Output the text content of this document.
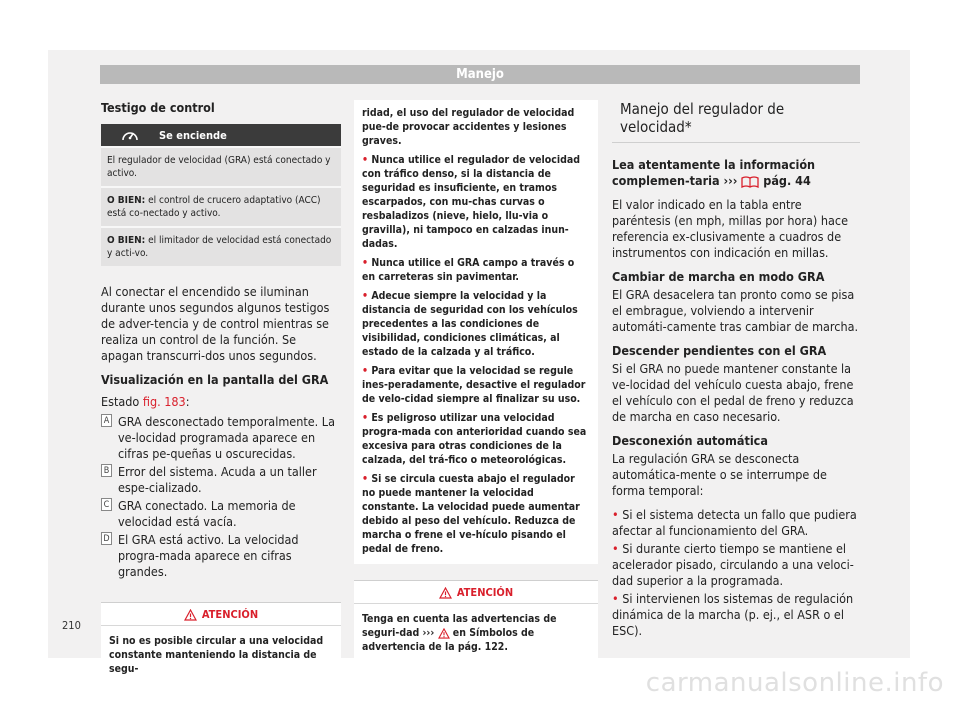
Manejo

Testigo de control

Se enciende
El regulador de velocidad (GRA) está conectado y activo.
O BIEN: el control de crucero adaptativo (ACC) está co-nectado y activo.
O BIEN: el limitador de velocidad está conectado y acti-vo.

Al conectar el encendido se iluminan durante unos segundos algunos testigos de adver-tencia y de control mientras se realiza un control de la función. Se apagan transcurri-dos unos segundos.

Visualización en la pantalla del GRA

Estado fig. 183:

A GRA desconectado temporalmente. La ve-locidad programada aparece en cifras pe-queñas u oscurecidas.
B Error del sistema. Acuda a un taller espe-cializado.
C GRA conectado. La memoria de velocidad está vacía.
D El GRA está activo. La velocidad progra-mada aparece en cifras grandes.
ATENCIÓN
Si no es posible circular a una velocidad constante manteniendo la distancia de segu-

ridad, el uso del regulador de velocidad pue-de provocar accidentes y lesiones graves.

• Nunca utilice el regulador de velocidad con tráfico denso, si la distancia de seguridad es insuficiente, en tramos escarpados, con mu-chas curvas o resbaladizos (nieve, hielo, llu-via o gravilla), ni tampoco en calzadas inun-dadas.

• Nunca utilice el GRA campo a través o en carreteras sin pavimentar.

• Adecue siempre la velocidad y la distancia de seguridad con los vehículos precedentes a las condiciones de visibilidad, condiciones climáticas, al estado de la calzada y al tráfico.

• Para evitar que la velocidad se regule ines-peradamente, desactive el regulador de velo-cidad siempre al finalizar su uso.

• Es peligroso utilizar una velocidad progra-mada con anterioridad cuando sea excesiva para otras condiciones de la calzada, del trá-fico o meteorológicas.

• Si se circula cuesta abajo el regulador no puede mantener la velocidad constante. La velocidad puede aumentar debido al peso del vehículo. Reduzca de marcha o frene el ve-hículo pisando el pedal de freno.

ATENCIÓN
Tenga en cuenta las advertencias de seguri-dad ›››  en Símbolos de advertencia de la pág. 122.
Manejo del regulador de velocidad*

Lea atentamente la información complemen-taria ›››  pág. 44

El valor indicado en la tabla entre paréntesis (en mph, millas por hora) hace referencia ex-clusivamente a cuadros de instrumentos con indicación en millas.

Cambiar de marcha en modo GRA

El GRA desacelera tan pronto como se pisa el embrague, volviendo a intervenir automáti-camente tras cambiar de marcha.

Descender pendientes con el GRA

Si el GRA no puede mantener constante la ve-locidad del vehículo cuesta abajo, frene el vehículo con el pedal de freno y reduzca de marcha en caso necesario.

Desconexión automática

La regulación GRA se desconecta automática-mente o se interrumpe de forma temporal:

• Si el sistema detecta un fallo que pudiera afectar al funcionamiento del GRA.

• Si durante cierto tiempo se mantiene el acelerador pisado, circulando a una veloci-dad superior a la programada.

• Si intervienen los sistemas de regulación dinámica de la marcha (p. ej., el ASR o el ESC).

210
carmanualsonline.info
